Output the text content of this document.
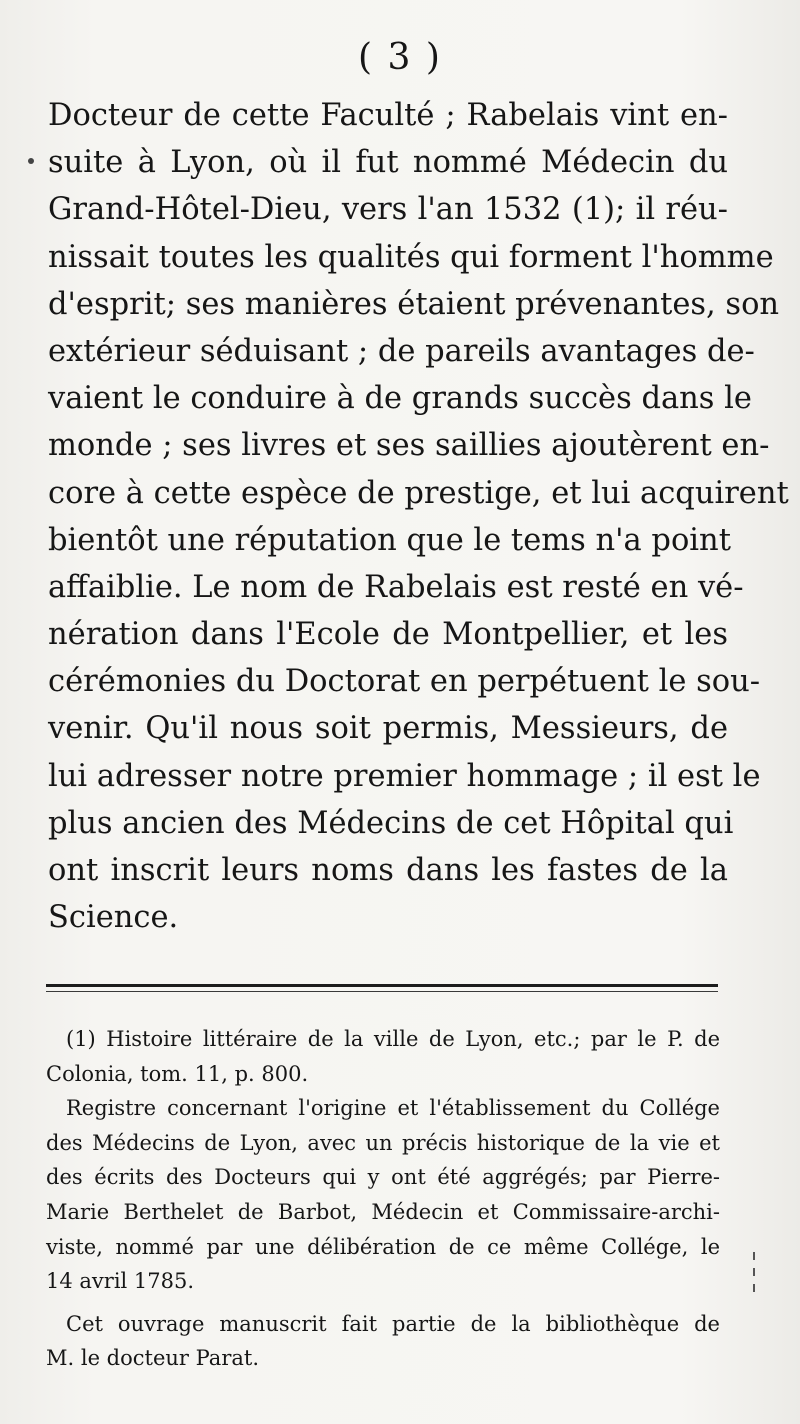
( 3 )
Docteur de cette Faculté ; Rabelais vint en-
suite à Lyon, où il fut nommé Médecin du
Grand-Hôtel-Dieu, vers l'an 1532 (1); il réu-
nissait toutes les qualités qui forment l'homme
d'esprit; ses manières étaient prévenantes, son
extérieur séduisant ; de pareils avantages de-
vaient le conduire à de grands succès dans le
monde ; ses livres et ses saillies ajoutèrent en-
core à cette espèce de prestige, et lui acquirent
bientôt une réputation que le tems n'a point
affaiblie. Le nom de Rabelais est resté en vé-
nération dans l'Ecole de Montpellier, et les
cérémonies du Doctorat en perpétuent le sou-
venir. Qu'il nous soit permis, Messieurs, de
lui adresser notre premier hommage ; il est le
plus ancien des Médecins de cet Hôpital qui
ont inscrit leurs noms dans les fastes de la
Science.
(1) Histoire littéraire de la ville de Lyon, etc.; par le P. de
Colonia, tom. 11, p. 800.
Registre concernant l'origine et l'établissement du Collége
des Médecins de Lyon, avec un précis historique de la vie et
des écrits des Docteurs qui y ont été aggrégés; par Pierre-
Marie Berthelet de Barbot, Médecin et Commissaire-archi-
viste, nommé par une délibération de ce même Collége, le
14 avril 1785.
Cet ouvrage manuscrit fait partie de la bibliothèque de
M. le docteur Parat.
